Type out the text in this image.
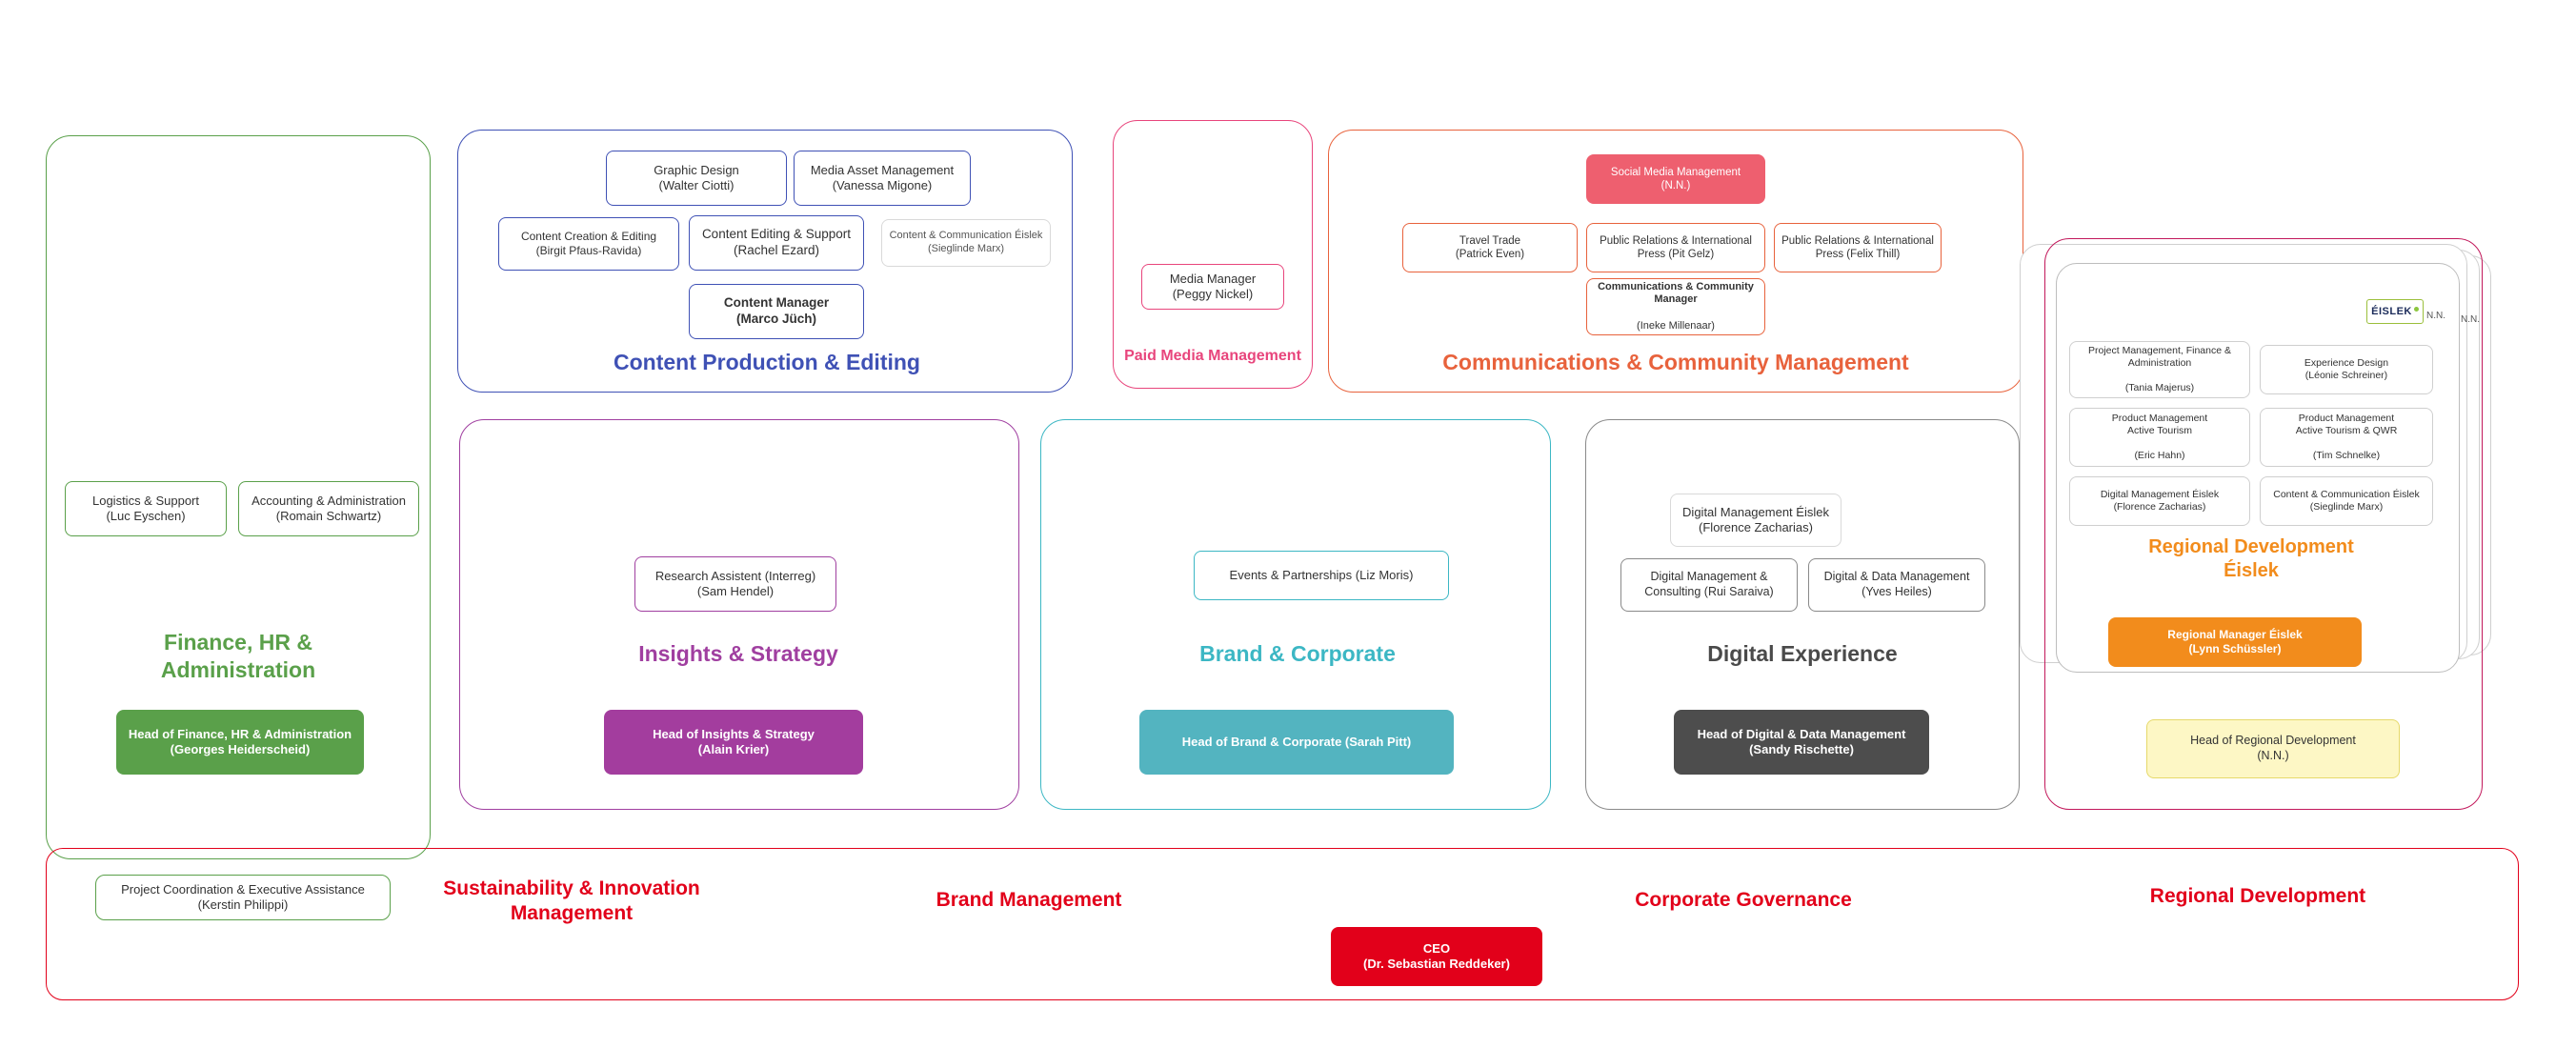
Logistics & Support

(Luc Eyschen)
Accounting & Administration

(Romain Schwartz)
Finance, HR &
Administration
Head of Finance, HR & Administration

(Georges Heiderscheid)
Project Coordination & Executive Assistance

(Kerstin Philippi)
Graphic Design

(Walter Ciotti)
Media Asset Management

(Vanessa Migone)
Content Creation & Editing

(Birgit Pfaus-Ravida)
Content Editing & Support

(Rachel Ezard)
Content & Communication Éislek

(Sieglinde Marx)
Content Manager

(Marco Jüch)
Content Production & Editing
Media Manager

(Peggy Nickel)
Paid Media Management
Social Media Management

(N.N.)
Travel Trade

(Patrick Even)
Public Relations & International

Press (Pit Gelz)
Public Relations & International

Press (Felix Thill)
Communications & Community

Manager

(Ineke Millenaar)
Communications & Community Management
Research Assistent (Interreg)

(Sam Hendel)
Insights & Strategy
Head of Insights & Strategy

(Alain Krier)
Events & Partnerships (Liz Moris)
Brand & Corporate
Head of Brand & Corporate (Sarah Pitt)
Digital Management Éislek

(Florence Zacharias)
Digital Management &

Consulting (Rui Saraiva)
Digital & Data Management

(Yves Heiles)
Digital Experience
Head of Digital & Data Management

(Sandy Rischette)
ÉISLEK N.N. N.N.
Project Management, Finance &

Administration

(Tania Majerus)
Experience Design

(Léonie Schreiner)
Product Management

Active Tourism

(Eric Hahn)
Product Management

Active Tourism & QWR

(Tim Schnelke)
Digital Management Éislek

(Florence Zacharias)
Content & Communication Éislek

(Sieglinde Marx)
Regional Development
Éislek
Regional Manager Éislek

(Lynn Schüssler)
Head of Regional Development

(N.N.)
Sustainability & Innovation
Management
Brand Management	Corporate Governance	Regional Development
CEO

(Dr. Sebastian Reddeker)
